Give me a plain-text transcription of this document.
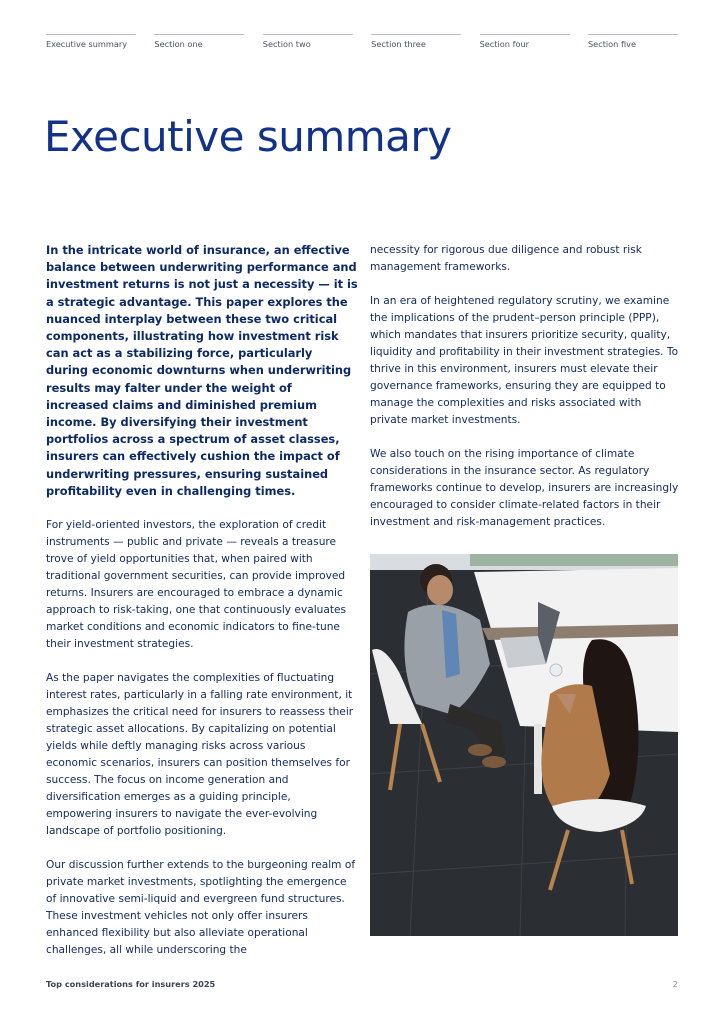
Executive summary	Section one	Section two	Section three	Section four	Section five
Executive summary

In the intricate world of insurance, an effective balance between underwriting performance and investment returns is not just a necessity — it is a strategic advantage. This paper explores the nuanced interplay between these two critical components, illustrating how investment risk can act as a stabilizing force, particularly during economic downturns when underwriting results may falter under the weight of increased claims and diminished premium income. By diversifying their investment portfolios across a spectrum of asset classes, insurers can effectively cushion the impact of underwriting pressures, ensuring sustained profitability even in challenging times.

For yield-oriented investors, the exploration of credit instruments — public and private — reveals a treasure trove of yield opportunities that, when paired with traditional government securities, can provide improved returns. Insurers are encouraged to embrace a dynamic approach to risk-taking, one that continuously evaluates market conditions and economic indicators to fine-tune their investment strategies.

As the paper navigates the complexities of fluctuating interest rates, particularly in a falling rate environment, it emphasizes the critical need for insurers to reassess their strategic asset allocations. By capitalizing on potential yields while deftly managing risks across various economic scenarios, insurers can position themselves for success. The focus on income generation and diversification emerges as a guiding principle, empowering insurers to navigate the ever-evolving landscape of portfolio positioning.

Our discussion further extends to the burgeoning realm of private market investments, spotlighting the emergence of innovative semi-liquid and evergreen fund structures. These investment vehicles not only offer insurers enhanced flexibility but also alleviate operational challenges, all while underscoring the

necessity for rigorous due diligence and robust risk management frameworks.

In an era of heightened regulatory scrutiny, we examine the implications of the prudent–person principle (PPP), which mandates that insurers prioritize security, quality, liquidity and profitability in their investment strategies. To thrive in this environment, insurers must elevate their governance frameworks, ensuring they are equipped to manage the complexities and risks associated with private market investments.

We also touch on the rising importance of climate considerations in the insurance sector. As regulatory frameworks continue to develop, insurers are increasingly encouraged to consider climate-related factors in their investment and risk-management practices.

Top considerations for insurers 2025	2
